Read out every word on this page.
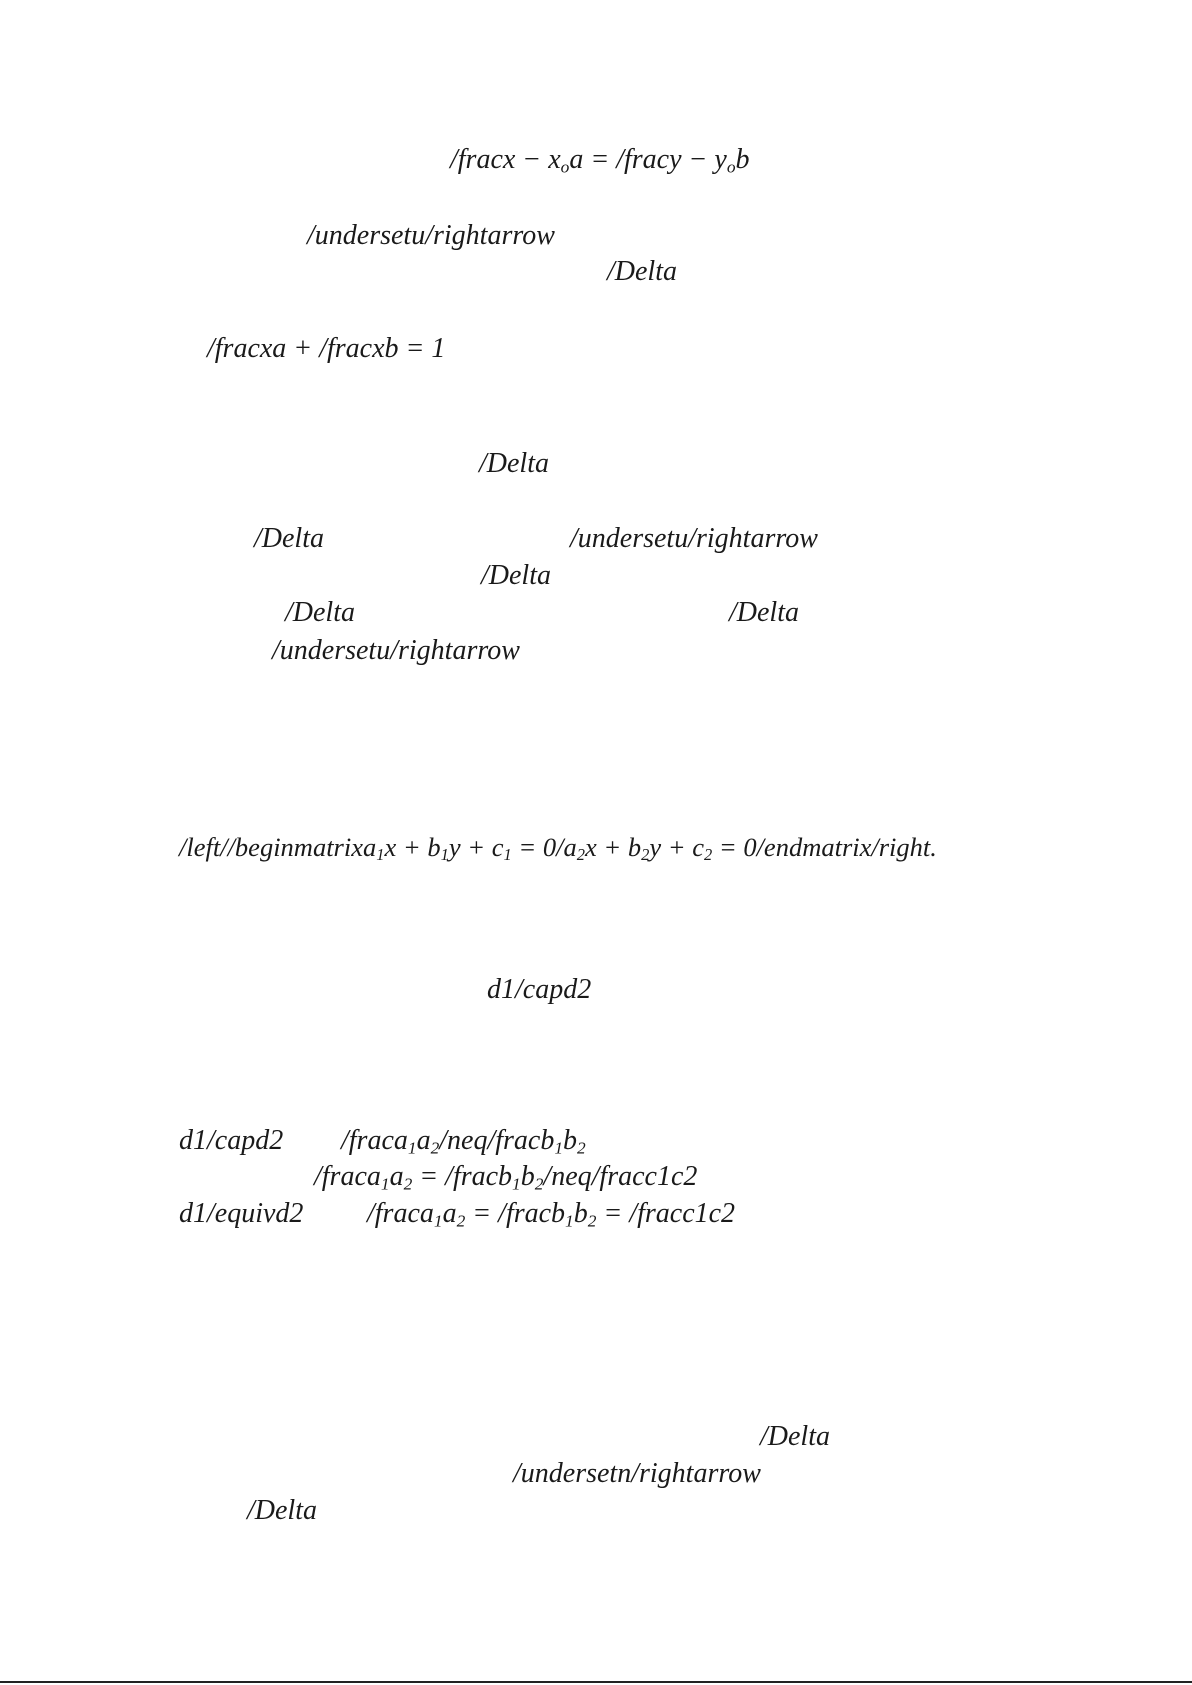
/fracx − $x_oa$ = /fracy − $y_ob$
/undersetu/rightarrow
/Delta
/fracxa + /fracxb = 1
/Delta
/Delta	/undersetu/rightarrow
/Delta
/Delta	/Delta
/undersetu/rightarrow
/left//beginmatrixa$_1$x + $b_1y + c_1 = 0/a_2x + b_2y + c_2$ = 0/endmatrix/right.
d1/capd2
d1/capd2 $/fraca_1a_2/neq/fracb_1b_2$
$/fraca_1a_2$ = $/fracb_1b_2/neq/fracc1c2$
d1/equivd2 $/fraca_1a_2$ = $/fracb_1b_2$ = /fracc1c2
/Delta
/undersetn/rightarrow
/Delta
